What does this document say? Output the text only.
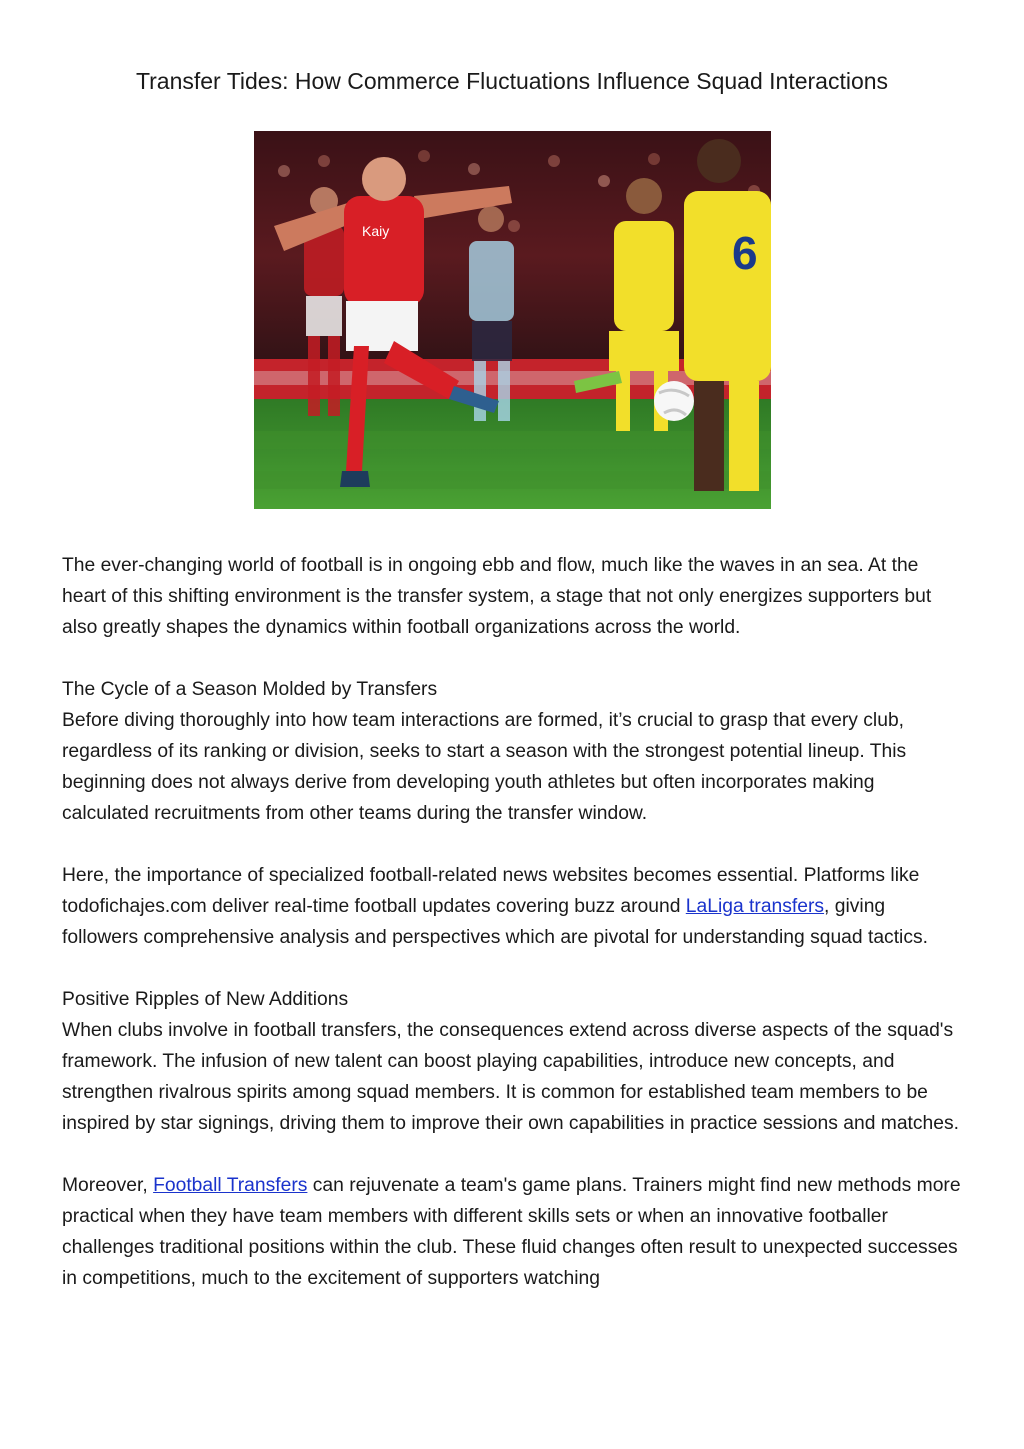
Transfer Tides: How Commerce Fluctuations Influence Squad Interactions
Kaiy	6

The ever-changing world of football is in ongoing ebb and flow, much like the waves in an sea. At the heart of this shifting environment is the transfer system, a stage that not only energizes supporters but also greatly shapes the dynamics within football organizations across the world.

The Cycle of a Season Molded by Transfers
Before diving thoroughly into how team interactions are formed, it’s crucial to grasp that every club, regardless of its ranking or division, seeks to start a season with the strongest potential lineup. This beginning does not always derive from developing youth athletes but often incorporates making calculated recruitments from other teams during the transfer window.

Here, the importance of specialized football-related news websites becomes essential. Platforms like todofichajes.com deliver real-time football updates covering buzz around LaLiga transfers, giving followers comprehensive analysis and perspectives which are pivotal for understanding squad tactics.

Positive Ripples of New Additions
When clubs involve in football transfers, the consequences extend across diverse aspects of the squad's framework. The infusion of new talent can boost playing capabilities, introduce new concepts, and strengthen rivalrous spirits among squad members. It is common for established team members to be inspired by star signings, driving them to improve their own capabilities in practice sessions and matches.

Moreover, Football Transfers can rejuvenate a team's game plans. Trainers might find new methods more practical when they have team members with different skills sets or when an innovative footballer challenges traditional positions within the club. These fluid changes often result to unexpected successes in competitions, much to the excitement of supporters watching
